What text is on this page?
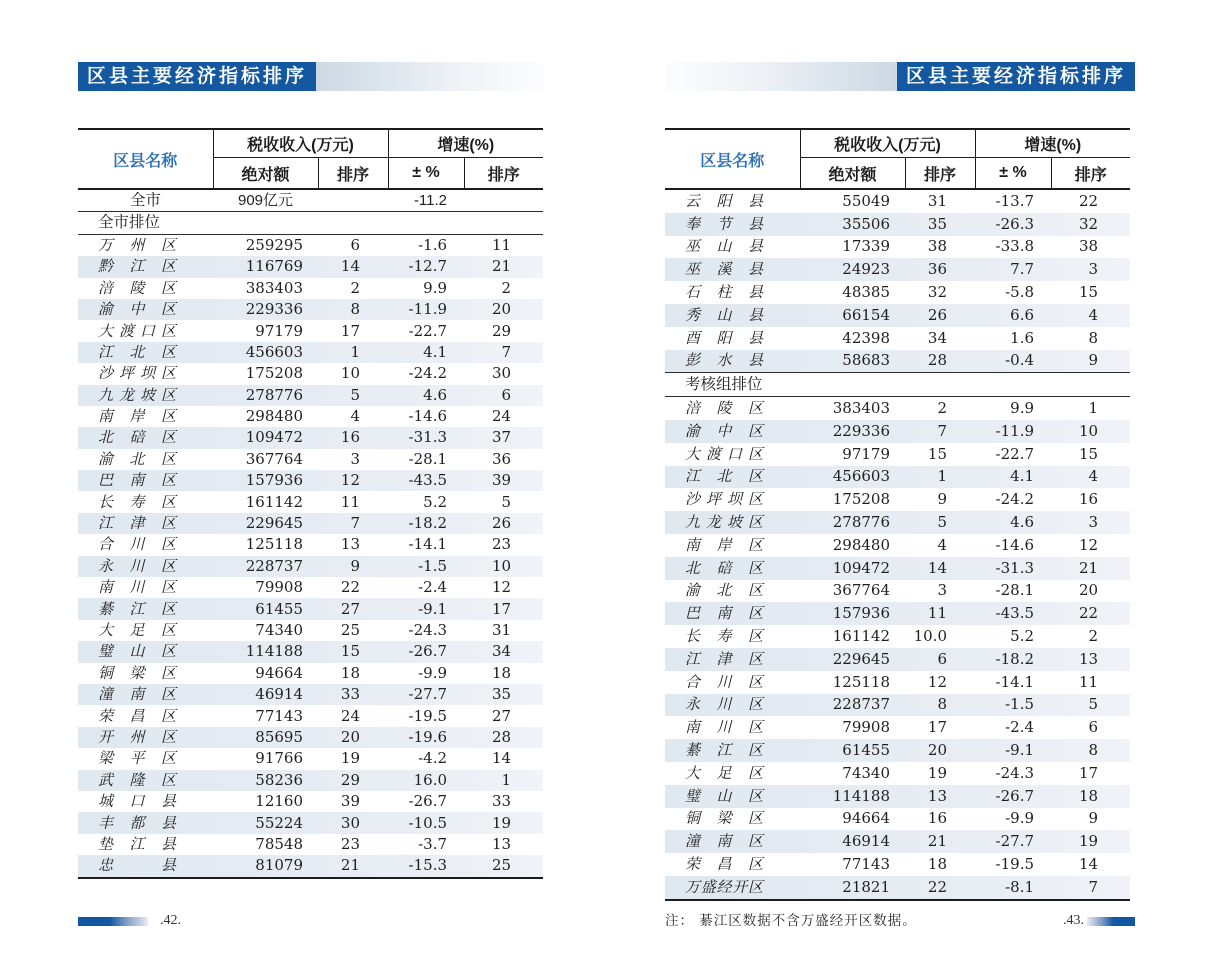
区县主要经济指标排序
区县名称	税收收入(万元)		增速(%)	
	绝对额	排序	± %	排序
全市	909亿元		-11.2	
全市排位				
万州区	259295	6	-1.6	11
黔江区	116769	14	-12.7	21
涪陵区	383403	2	9.9	2
渝中区	229336	8	-11.9	20
大渡口区	97179	17	-22.7	29
江北区	456603	1	4.1	7
沙坪坝区	175208	10	-24.2	30
九龙坡区	278776	5	4.6	6
南岸区	298480	4	-14.6	24
北碚区	109472	16	-31.3	37
渝北区	367764	3	-28.1	36
巴南区	157936	12	-43.5	39
长寿区	161142	11	5.2	5
江津区	229645	7	-18.2	26
合川区	125118	13	-14.1	23
永川区	228737	9	-1.5	10
南川区	79908	22	-2.4	12
綦江区	61455	27	-9.1	17
大足区	74340	25	-24.3	31
璧山区	114188	15	-26.7	34
铜梁区	94664	18	-9.9	18
潼南区	46914	33	-27.7	35
荣昌区	77143	24	-19.5	27
开州区	85695	20	-19.6	28
梁平区	91766	19	-4.2	14
武隆区	58236	29	16.0	1
城口县	12160	39	-26.7	33
丰都县	55224	30	-10.5	19
垫江县	78548	23	-3.7	13
忠县	81079	21	-15.3	25
.42.
区县主要经济指标排序
区县名称	税收收入(万元)		增速(%)	
	绝对额	排序	± %	排序
云阳县	55049	31	-13.7	22
奉节县	35506	35	-26.3	32
巫山县	17339	38	-33.8	38
巫溪县	24923	36	7.7	3
石柱县	48385	32	-5.8	15
秀山县	66154	26	6.6	4
酉阳县	42398	34	1.6	8
彭水县	58683	28	-0.4	9
考核组排位				
涪陵区	383403	2	9.9	1
渝中区	229336	7	-11.9	10
大渡口区	97179	15	-22.7	15
江北区	456603	1	4.1	4
沙坪坝区	175208	9	-24.2	16
九龙坡区	278776	5	4.6	3
南岸区	298480	4	-14.6	12
北碚区	109472	14	-31.3	21
渝北区	367764	3	-28.1	20
巴南区	157936	11	-43.5	22
长寿区	161142	10.0	5.2	2
江津区	229645	6	-18.2	13
合川区	125118	12	-14.1	11
永川区	228737	8	-1.5	5
南川区	79908	17	-2.4	6
綦江区	61455	20	-9.1	8
大足区	74340	19	-24.3	17
璧山区	114188	13	-26.7	18
铜梁区	94664	16	-9.9	9
潼南区	46914	21	-27.7	19
荣昌区	77143	18	-19.5	14
万盛经开区	21821	22	-8.1	7
注： 綦江区数据不含万盛经开区数据。	.43.
